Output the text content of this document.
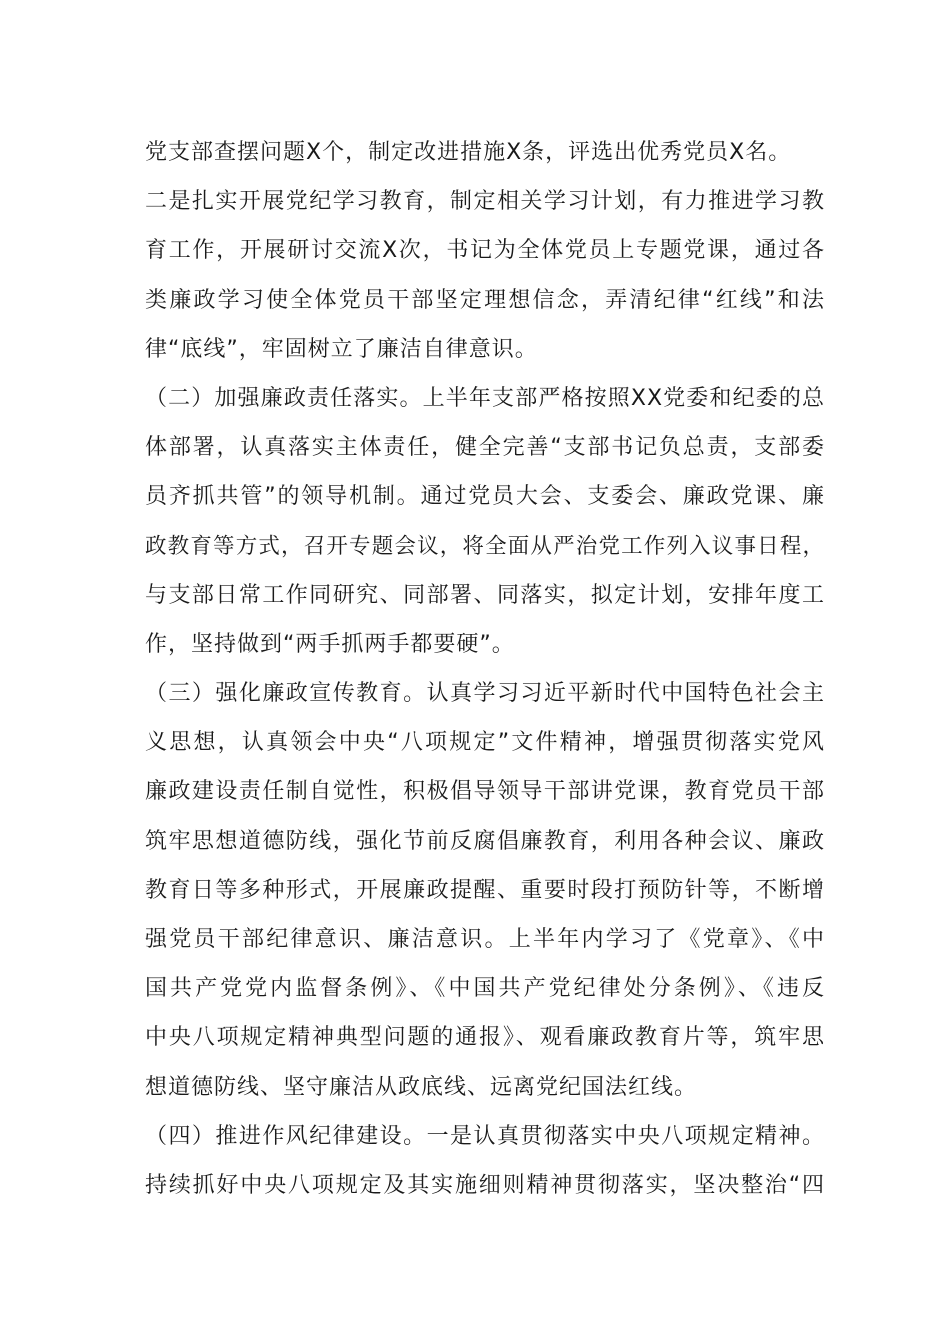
党支部查摆问题X个，制定改进措施X条，评选出优秀党员X名。
二是扎实开展党纪学习教育，制定相关学习计划，有力推进学习教
育工作，开展研讨交流X次，书记为全体党员上专题党课，通过各
类廉政学习使全体党员干部坚定理想信念，弄清纪律“红线”和法
律“底线”，牢固树立了廉洁自律意识。
（二）加强廉政责任落实。上半年支部严格按照XX党委和纪委的总
体部署，认真落实主体责任，健全完善“支部书记负总责，支部委
员齐抓共管”的领导机制。通过党员大会、支委会、廉政党课、廉
政教育等方式，召开专题会议，将全面从严治党工作列入议事日程，
与支部日常工作同研究、同部署、同落实，拟定计划，安排年度工
作，坚持做到“两手抓两手都要硬”。
（三）强化廉政宣传教育。认真学习习近平新时代中国特色社会主
义思想，认真领会中央“八项规定”文件精神，增强贯彻落实党风
廉政建设责任制自觉性，积极倡导领导干部讲党课，教育党员干部
筑牢思想道德防线，强化节前反腐倡廉教育，利用各种会议、廉政
教育日等多种形式，开展廉政提醒、重要时段打预防针等，不断增
强党员干部纪律意识、廉洁意识。上半年内学习了《党章》、《中
国共产党党内监督条例》、《中国共产党纪律处分条例》、《违反
中央八项规定精神典型问题的通报》、观看廉政教育片等，筑牢思
想道德防线、坚守廉洁从政底线、远离党纪国法红线。
（四）推进作风纪律建设。一是认真贯彻落实中央八项规定精神。
持续抓好中央八项规定及其实施细则精神贯彻落实，坚决整治“四
